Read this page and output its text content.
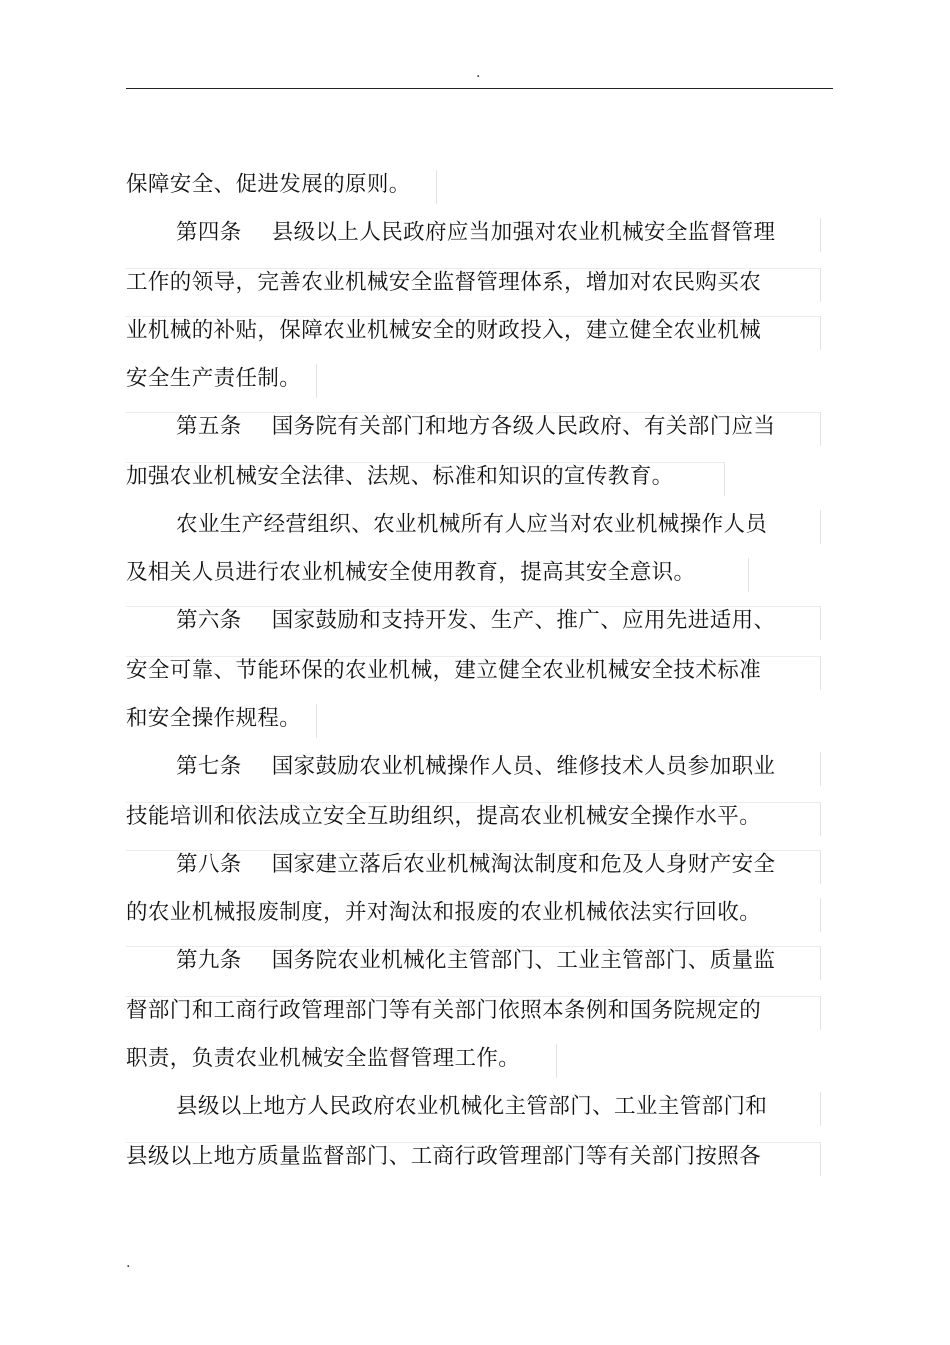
.
保障安全、促进发展的原则。
第四条 县级以上人民政府应当加强对农业机械安全监督管理
工作的领导，完善农业机械安全监督管理体系，增加对农民购买农
业机械的补贴，保障农业机械安全的财政投入，建立健全农业机械
安全生产责任制。
第五条 国务院有关部门和地方各级人民政府、有关部门应当
加强农业机械安全法律、法规、标准和知识的宣传教育。
农业生产经营组织、农业机械所有人应当对农业机械操作人员
及相关人员进行农业机械安全使用教育，提高其安全意识。
第六条 国家鼓励和支持开发、生产、推广、应用先进适用、
安全可靠、节能环保的农业机械，建立健全农业机械安全技术标准
和安全操作规程。
第七条 国家鼓励农业机械操作人员、维修技术人员参加职业
技能培训和依法成立安全互助组织，提高农业机械安全操作水平。
第八条 国家建立落后农业机械淘汰制度和危及人身财产安全
的农业机械报废制度，并对淘汰和报废的农业机械依法实行回收。
第九条 国务院农业机械化主管部门、工业主管部门、质量监
督部门和工商行政管理部门等有关部门依照本条例和国务院规定的
职责，负责农业机械安全监督管理工作。
县级以上地方人民政府农业机械化主管部门、工业主管部门和
县级以上地方质量监督部门、工商行政管理部门等有关部门按照各
.
